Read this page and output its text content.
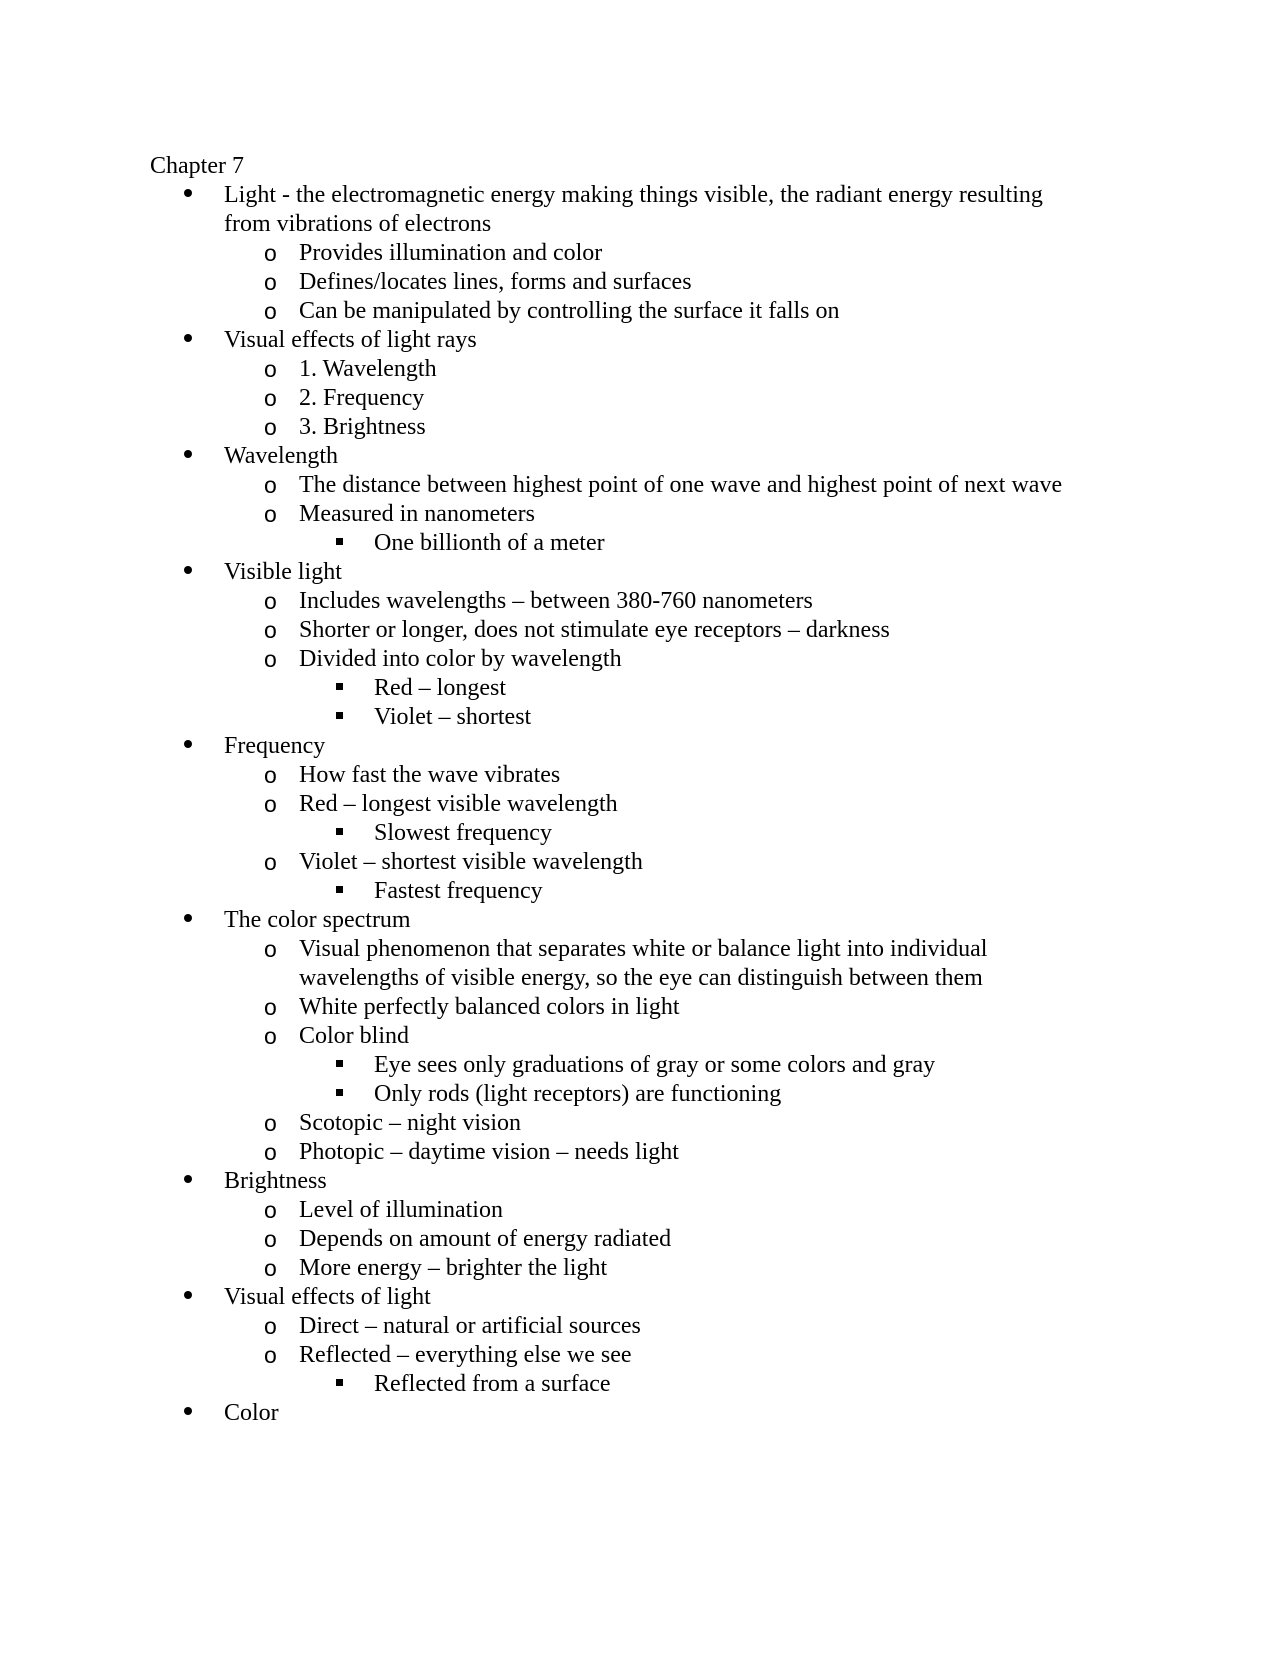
Chapter 7
Light - the electromagnetic energy making things visible, the radiant energy resulting from vibrations of electrons
o Provides illumination and color
o Defines/locates lines, forms and surfaces
o Can be manipulated by controlling the surface it falls on
Visual effects of light rays
o 1. Wavelength
o 2. Frequency
o 3. Brightness
Wavelength
o The distance between highest point of one wave and highest point of next wave
o Measured in nanometers
One billionth of a meter
Visible light
o Includes wavelengths – between 380-760 nanometers
o Shorter or longer, does not stimulate eye receptors – darkness
o Divided into color by wavelength
Red – longest
Violet – shortest
Frequency
o How fast the wave vibrates
o Red – longest visible wavelength
Slowest frequency
o Violet – shortest visible wavelength
Fastest frequency
The color spectrum
o Visual phenomenon that separates white or balance light into individual wavelengths of visible energy, so the eye can distinguish between them
o White perfectly balanced colors in light
o Color blind
Eye sees only graduations of gray or some colors and gray
Only rods (light receptors) are functioning
o Scotopic – night vision
o Photopic – daytime vision – needs light
Brightness
o Level of illumination
o Depends on amount of energy radiated
o More energy – brighter the light
Visual effects of light
o Direct – natural or artificial sources
o Reflected – everything else we see
Reflected from a surface
Color
